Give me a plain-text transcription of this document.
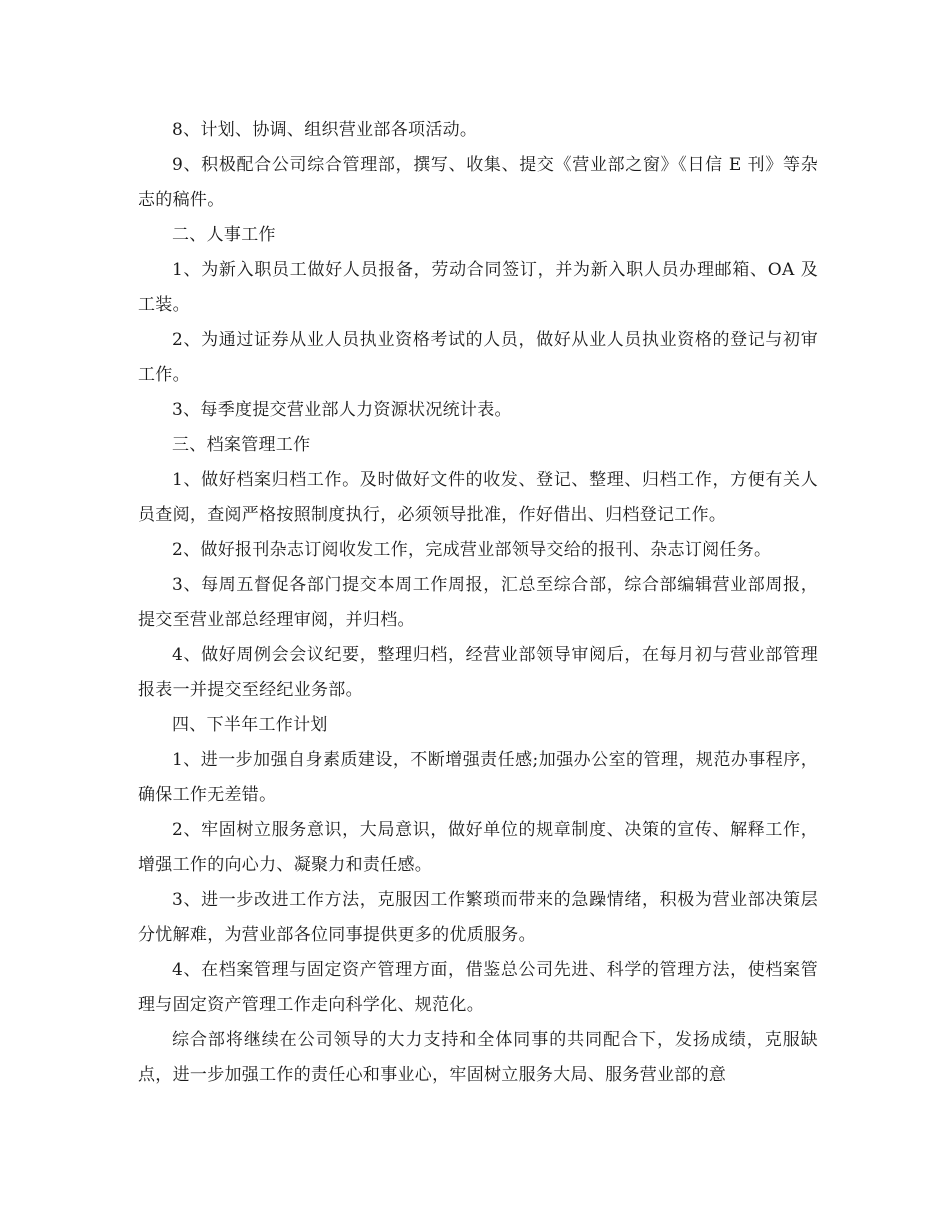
8、计划、协调、组织营业部各项活动。

9、积极配合公司综合管理部，撰写、收集、提交《营业部之窗》《日信 E 刊》等杂志的稿件。

二、人事工作

1、为新入职员工做好人员报备，劳动合同签订，并为新入职人员办理邮箱、OA 及工装。

2、为通过证券从业人员执业资格考试的人员，做好从业人员执业资格的登记与初审工作。

3、每季度提交营业部人力资源状况统计表。

三、档案管理工作

1、做好档案归档工作。及时做好文件的收发、登记、整理、归档工作，方便有关人员查阅，查阅严格按照制度执行，必须领导批准，作好借出、归档登记工作。

2、做好报刊杂志订阅收发工作，完成营业部领导交给的报刊、杂志订阅任务。

3、每周五督促各部门提交本周工作周报，汇总至综合部，综合部编辑营业部周报，提交至营业部总经理审阅，并归档。

4、做好周例会会议纪要，整理归档，经营业部领导审阅后，在每月初与营业部管理报表一并提交至经纪业务部。

四、下半年工作计划

1、进一步加强自身素质建设，不断增强责任感;加强办公室的管理，规范办事程序，确保工作无差错。

2、牢固树立服务意识，大局意识，做好单位的规章制度、决策的宣传、解释工作，增强工作的向心力、凝聚力和责任感。

3、进一步改进工作方法，克服因工作繁琐而带来的急躁情绪，积极为营业部决策层分忧解难，为营业部各位同事提供更多的优质服务。

4、在档案管理与固定资产管理方面，借鉴总公司先进、科学的管理方法，使档案管理与固定资产管理工作走向科学化、规范化。

综合部将继续在公司领导的大力支持和全体同事的共同配合下，发扬成绩，克服缺点，进一步加强工作的责任心和事业心，牢固树立服务大局、服务营业部的意
